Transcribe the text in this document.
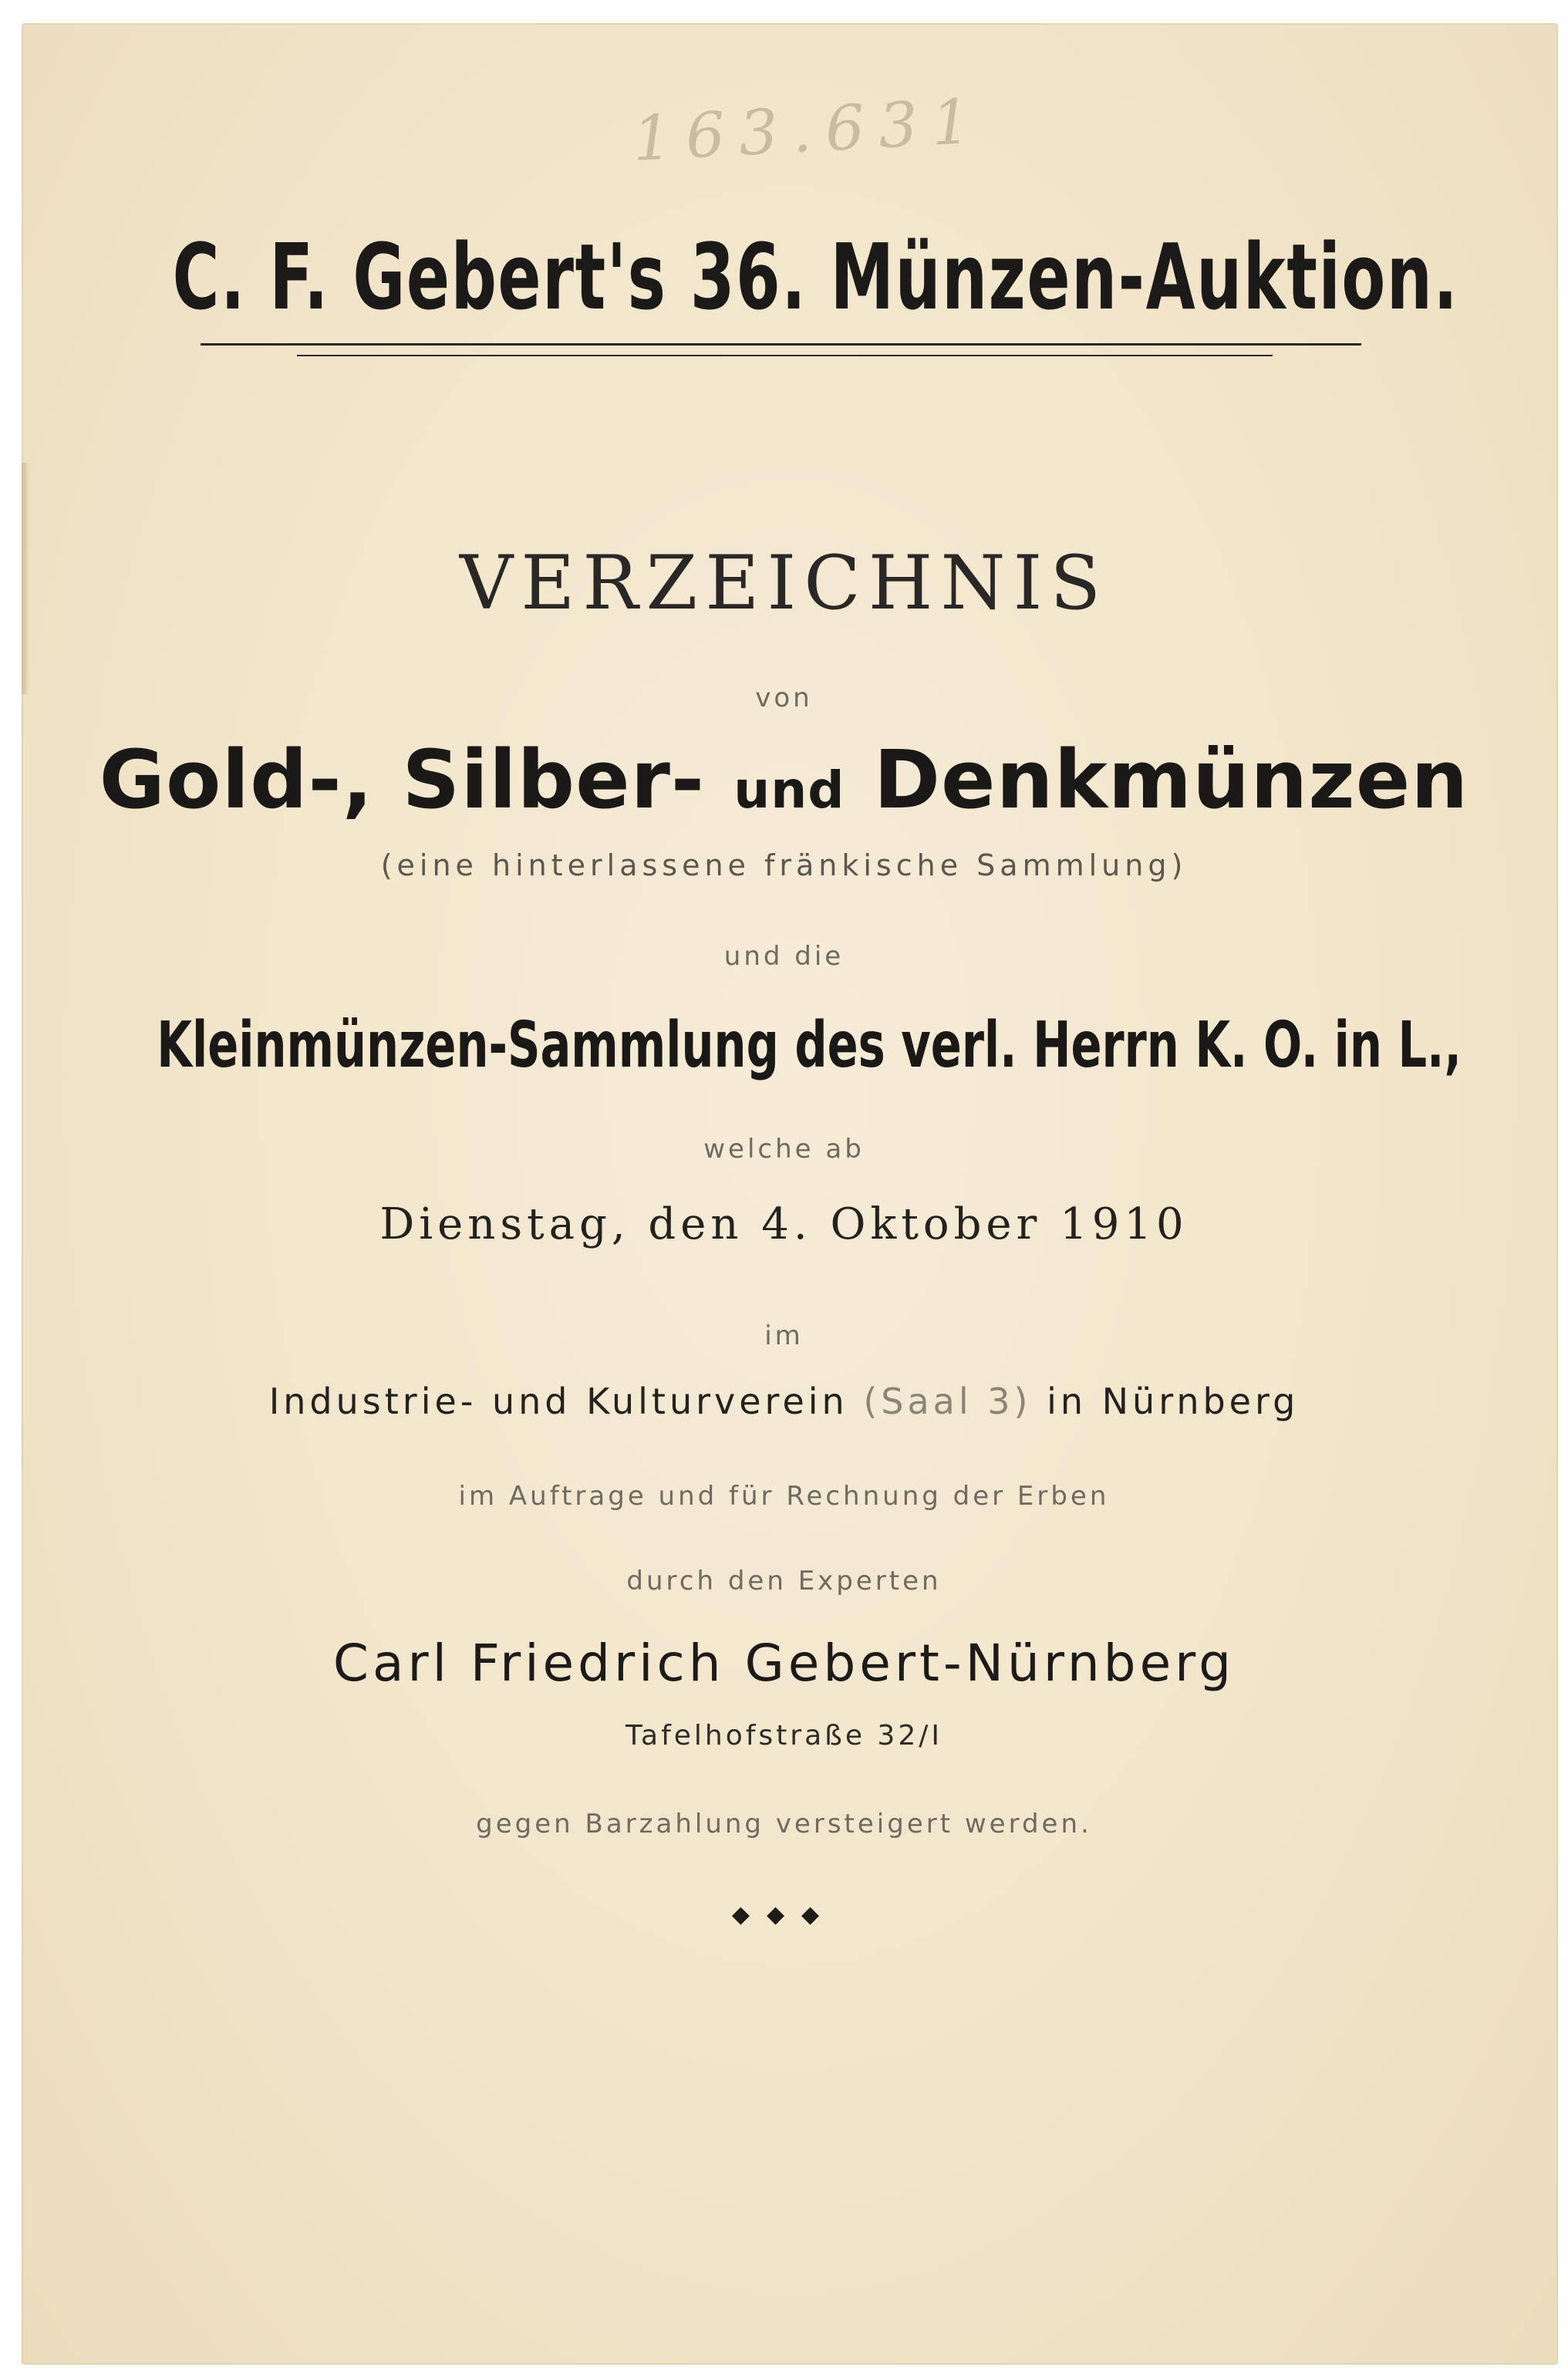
163.631
C. F. Gebert's 36. Münzen-Auktion.
VERZEICHNIS
von
Gold-, Silber- und Denkmünzen
(eine hinterlassene fränkische Sammlung)
und die
Kleinmünzen-Sammlung des verl. Herrn K. O. in L.,
welche ab
Dienstag, den 4. Oktober 1910
im
Industrie- und Kulturverein (Saal 3) in Nürnberg
im Auftrage und für Rechnung der Erben
durch den Experten
Carl Friedrich Gebert-Nürnberg
Tafelhofstraße 32/I
gegen Barzahlung versteigert werden.
◆◆◆
